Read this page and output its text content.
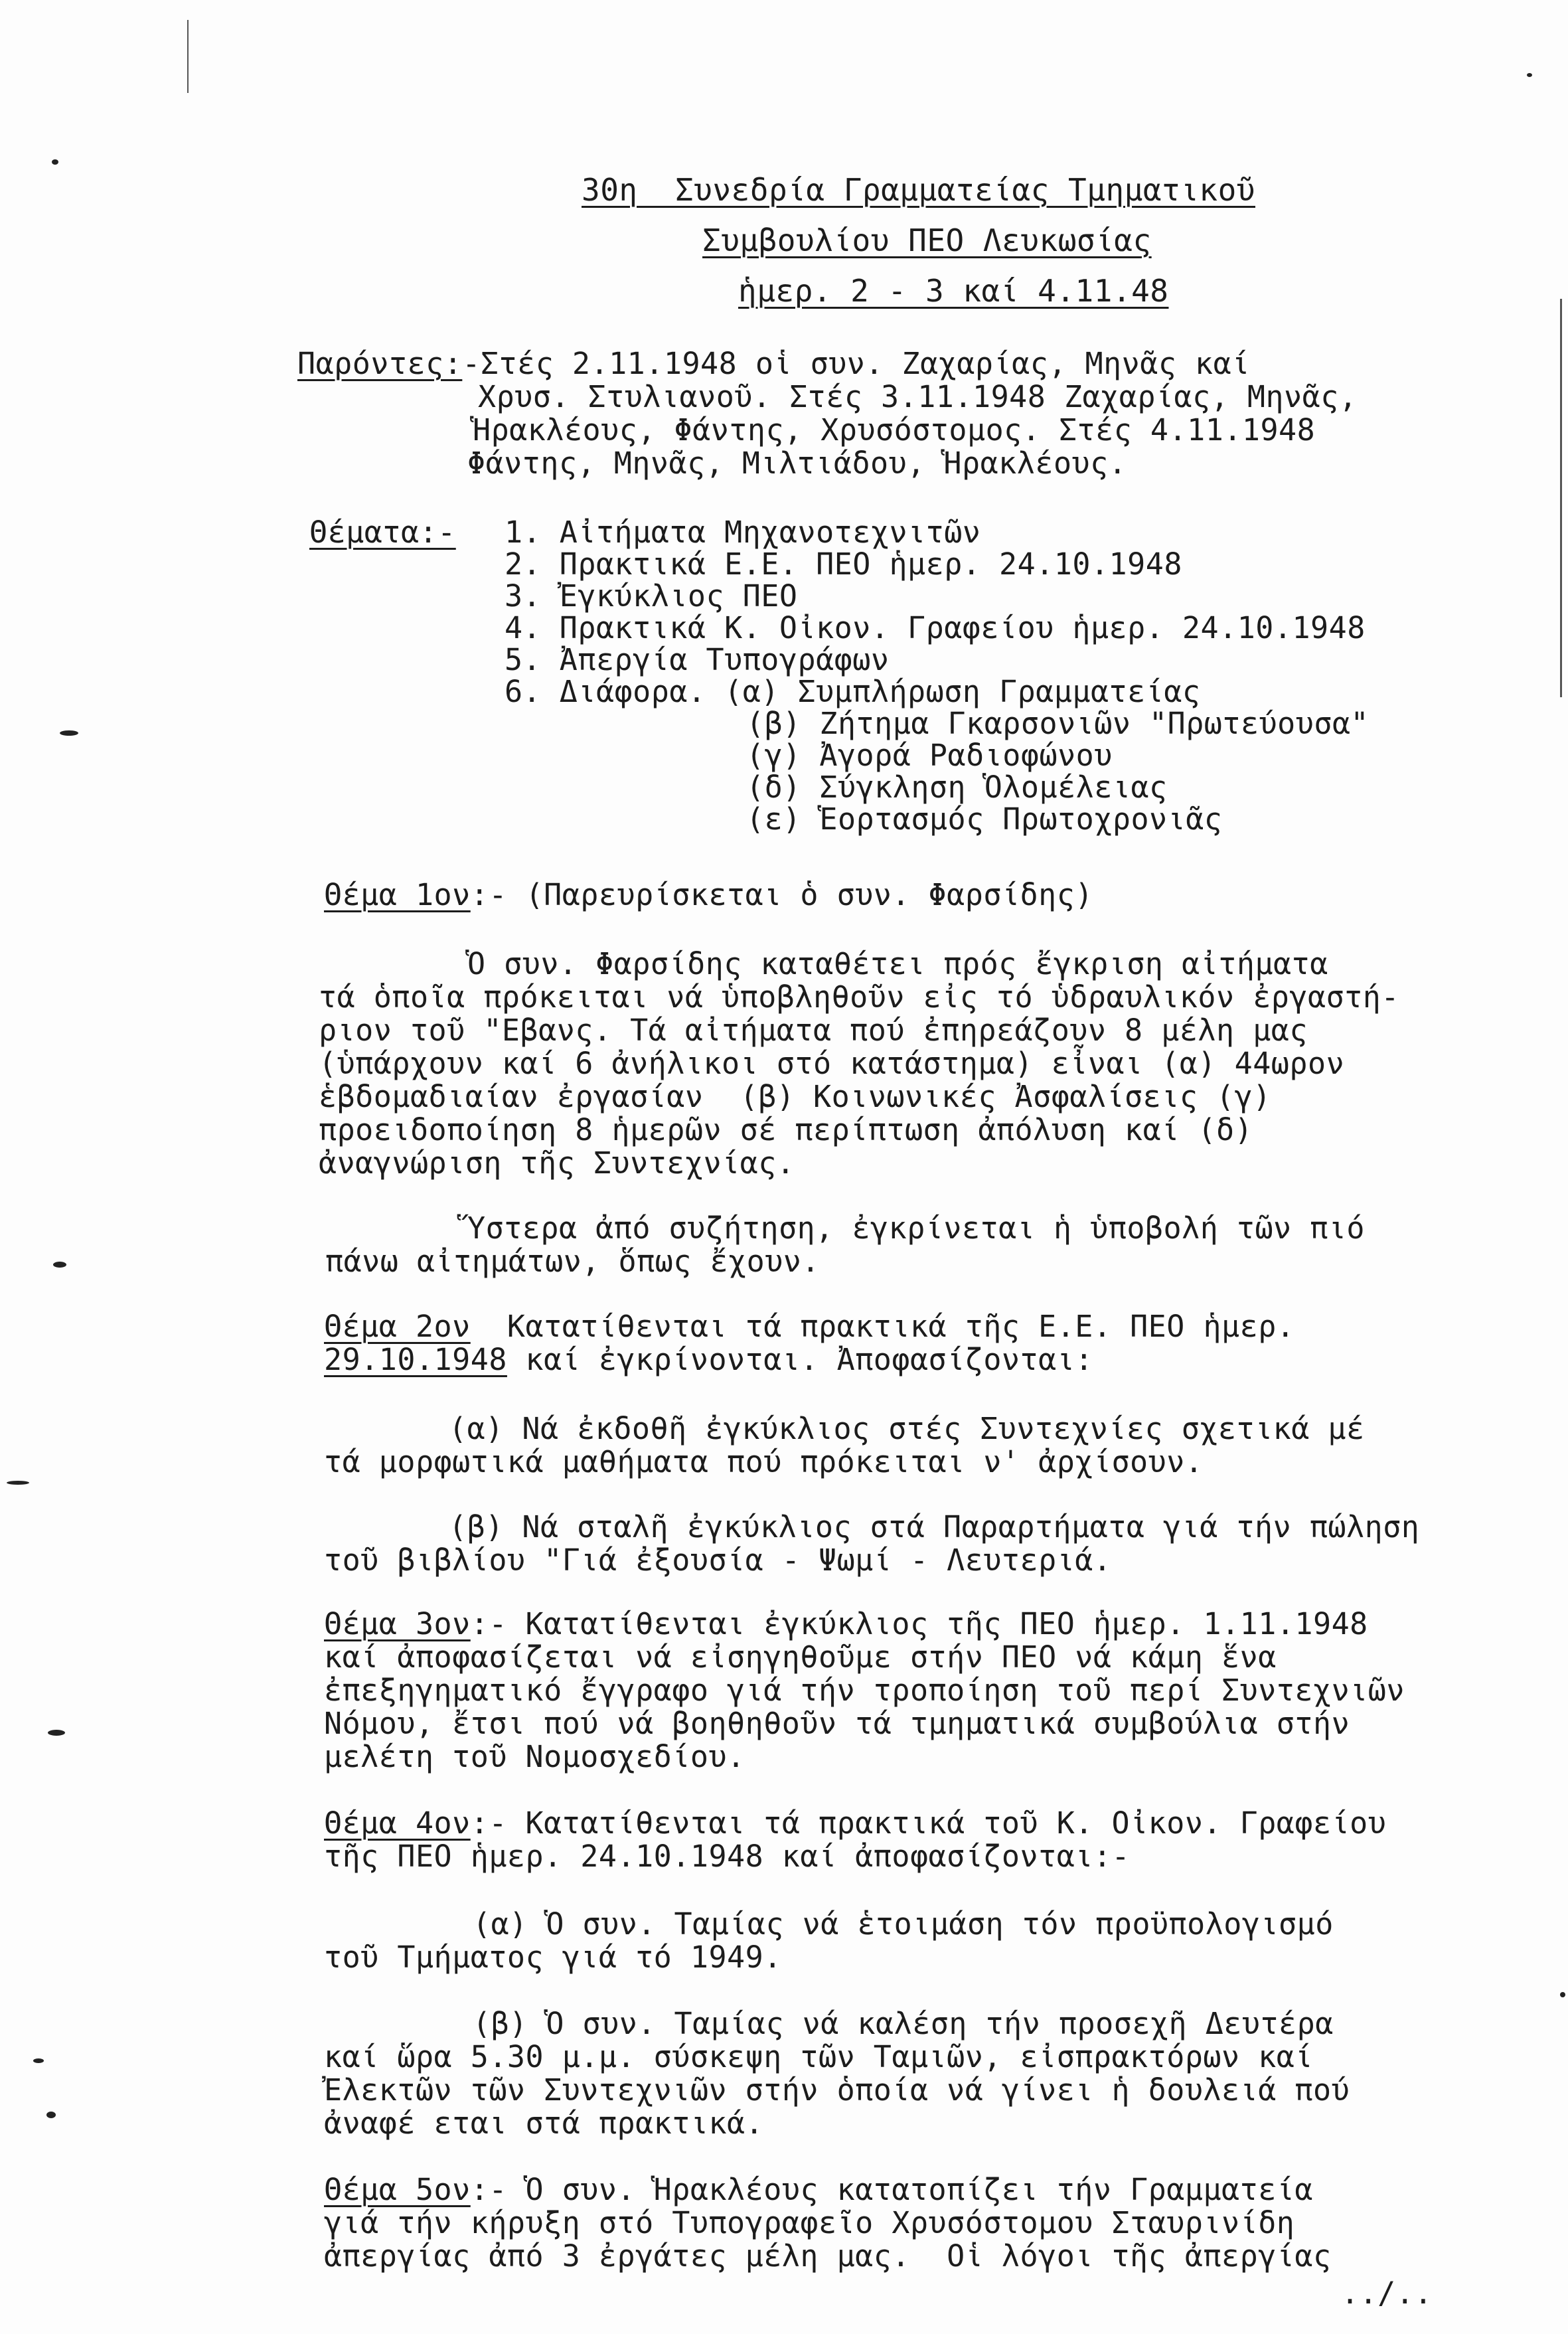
30η  Συνεδρία Γραμματείας Τμηματικοῦ
Συμβουλίου ΠΕΟ Λευκωσίας
ἡμερ. 2 - 3 καί 4.11.48
Παρόντες:-Στές 2.11.1948 οἱ συν. Ζαχαρίας, Μηνᾶς καί
Χρυσ. Στυλιανοῦ. Στές 3.11.1948 Ζαχαρίας, Μηνᾶς,
Ἡρακλέους, Φάντης, Χρυσόστομος. Στές 4.11.1948
Φάντης, Μηνᾶς, Μιλτιάδου, Ἡρακλέους.
Θέματα:- 1. Αἰτήματα Μηχανοτεχνιτῶν
2. Πρακτικά Ε.Ε. ΠΕΟ ἡμερ. 24.10.1948
3. Ἐγκύκλιος ΠΕΟ
4. Πρακτικά Κ. Οἰκον. Γραφείου ἡμερ. 24.10.1948
5. Ἀπεργία Τυπογράφων
6. Διάφορα. (α) Συμπλήρωση Γραμματείας
(β) Ζήτημα Γκαρσονιῶν "Πρωτεύουσα"
(γ) Ἀγορά Ραδιοφώνου
(δ) Σύγκληση Ὁλομέλειας
(ε) Ἑορτασμός Πρωτοχρονιᾶς
Θέμα 1ον:- (Παρευρίσκεται ὁ συν. Φαρσίδης)
Ὁ συν. Φαρσίδης καταθέτει πρός ἔγκριση αἰτήματα
τά ὁποῖα πρόκειται νά ὑποβληθοῦν εἰς τό ὑδραυλικόν ἐργαστή-
ριον τοῦ "Εβανς. Τά αἰτήματα πού ἐπηρεάζουν 8 μέλη μας
(ὑπάρχουν καί 6 ἀνήλικοι στό κατάστημα) εἶναι (α) 44ωρον
ἑβδομαδιαίαν ἐργασίαν  (β) Κοινωνικές Ἀσφαλίσεις (γ)
προειδοποίηση 8 ἡμερῶν σέ περίπτωση ἀπόλυση καί (δ)
ἀναγνώριση τῆς Συντεχνίας.
Ὕστερα ἀπό συζήτηση, ἐγκρίνεται ἡ ὑποβολή τῶν πιό
πάνω αἰτημάτων, ὅπως ἔχουν.
Θέμα 2ον  Κατατίθενται τά πρακτικά τῆς Ε.Ε. ΠΕΟ ἡμερ.
29.10.1948 καί ἐγκρίνονται. Ἀποφασίζονται:
(α) Νά ἐκδοθῆ ἐγκύκλιος στές Συντεχνίες σχετικά μέ
τά μορφωτικά μαθήματα πού πρόκειται ν' ἀρχίσουν.
(β) Νά σταλῆ ἐγκύκλιος στά Παραρτήματα γιά τήν πώληση
τοῦ βιβλίου "Γιά ἐξουσία - Ψωμί - Λευτεριά.
Θέμα 3ον:- Κατατίθενται ἐγκύκλιος τῆς ΠΕΟ ἡμερ. 1.11.1948
καί ἀποφασίζεται νά εἰσηγηθοῦμε στήν ΠΕΟ νά κάμη ἕνα
ἐπεξηγηματικό ἔγγραφο γιά τήν τροποίηση τοῦ περί Συντεχνιῶν
Νόμου, ἔτσι πού νά βοηθηθοῦν τά τμηματικά συμβούλια στήν
μελέτη τοῦ Νομοσχεδίου.
Θέμα 4ον:- Κατατίθενται τά πρακτικά τοῦ Κ. Οἰκον. Γραφείου
τῆς ΠΕΟ ἡμερ. 24.10.1948 καί ἀποφασίζονται:-
(α) Ὁ συν. Ταμίας νά ἑτοιμάση τόν προϋπολογισμό
τοῦ Τμήματος γιά τό 1949.
(β) Ὁ συν. Ταμίας νά καλέση τήν προσεχῆ Δευτέρα
καί ὥρα 5.30 μ.μ. σύσκεψη τῶν Ταμιῶν, εἰσπρακτόρων καί
Ἐλεκτῶν τῶν Συντεχνιῶν στήν ὁποία νά γίνει ἡ δουλειά πού
ἀναφέ εται στά πρακτικά.
Θέμα 5ον:- Ὁ συν. Ἡρακλέους κατατοπίζει τήν Γραμματεία
γιά τήν κήρυξη στό Τυπογραφεῖο Χρυσόστομου Σταυρινίδη
ἀπεργίας ἀπό 3 ἐργάτες μέλη μας.  Οἱ λόγοι τῆς ἀπεργίας
../..
